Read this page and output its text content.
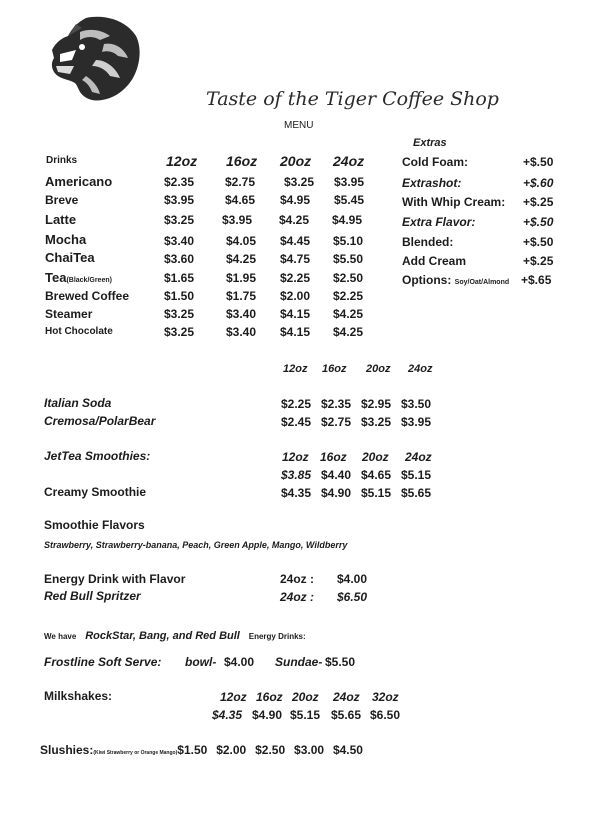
Taste of the Tiger Coffee Shop
MENU
Drinks	12oz 16oz 20oz 24oz
Americano	$2.35	$2.75 $3.25 $3.95
Breve	$3.95	$4.65 $4.95 $5.45
Latte	$3.25 $3.95 $4.25 $4.95
Mocha	$3.40	$4.05 $4.45 $5.10
ChaiTea	$3.60	$4.25 $4.75 $5.50
Tea(Black/Green)	$1.65	$1.95 $2.25 $2.50
Brewed Coffee	$1.50	$1.75 $2.00 $2.25
Steamer	$3.25	$3.40 $4.15 $4.25
Hot Chocolate	$3.25	$3.40 $4.15 $4.25
Extras
Cold Foam:	+$.50
Extrashot:	+$.60
With Whip Cream: +$.25
Extra Flavor:	+$.50
Blended:	+$.50
Add Cream	+$.25
Options: Soy/Oat/Almond +$.65
12oz 16oz 20oz 24oz
Italian Soda	$2.25 $2.35 $2.95 $3.50
Cremosa/PolarBear	$2.45 $2.75 $3.25 $3.95
JetTea Smoothies:	12oz 16oz 20oz 24oz
$3.85 $4.40 $4.65 $5.15
Creamy Smoothie	$4.35 $4.90 $5.15 $5.65
Smoothie Flavors
Strawberry, Strawberry-banana, Peach, Green Apple, Mango, Wildberry
Energy Drink with Flavor	24oz : $4.00
Red Bull Spritzer	24oz : $6.50
We have RockStar, Bang, and Red Bull Energy Drinks:
Frostline Soft Serve: bowl- $4.00 Sundae- $5.50
Milkshakes:	12oz 16oz 20oz 24oz 32oz
$4.35 $4.90 $5.15 $5.65 $6.50
Slushies:(Kiwi Strawberry or Orange Mango)$1.50 $2.00 $2.50 $3.00 $4.50
